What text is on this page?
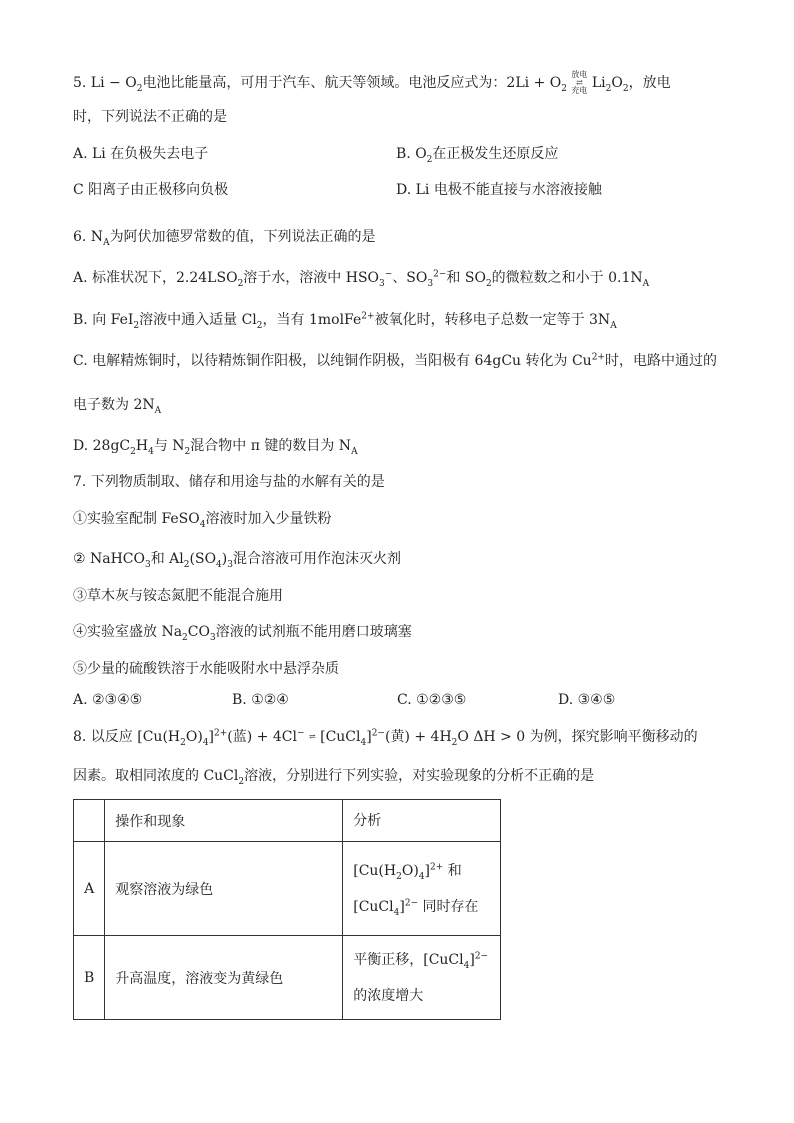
5. $Li - O_2$电池比能量高，可用于汽车、航天等领域。电池反应式为：$2Li + O_2$ 放电
⇄
充电 $Li_2O_2$，放电
时，下列说法不正确的是
A. Li 在负极失去电子	B. $O_2$在正极发生还原反应
C 阳离子由正极移向负极	D. Li 电极不能直接与水溶液接触
6. $N_A$为阿伏加德罗常数的值，下列说法正确的是
A. 标准状况下，$2.24LSO_2$溶于水，溶液中 $HSO_3^-$、$SO_3^{2-}$和 $SO_2$的微粒数之和小于 $0.1N_A$
B. 向 FeI$_2$溶液中通入适量 $Cl_2$，当有 1molFe$^{2+}$被氧化时，转移电子总数一定等于 $3N_A$
C. 电解精炼铜时，以待精炼铜作阳极，以纯铜作阴极，当阳极有 64gCu 转化为 $Cu^{2+}$时，电路中通过的
电子数为 $2N_A$
D. $28gC_2H_4$与 $N_2$混合物中 π 键的数目为 $N_A$
7. 下列物质制取、储存和用途与盐的水解有关的是
①实验室配制 FeSO$_4$溶液时加入少量铁粉
② NaHCO$_3$和 $Al_2(SO_4)_3$混合溶液可用作泡沫灭火剂
③草木灰与铵态氮肥不能混合施用
④实验室盛放 $Na_2CO_3$溶液的试剂瓶不能用磨口玻璃塞
⑤少量的硫酸铁溶于水能吸附水中悬浮杂质
A. ②③④⑤	B. ①②④	C. ①②③⑤	D. ③④⑤
8. 以反应 $[Cu(H_2O)_4]^{2+}$(蓝) + 4Cl− ⇌ [CuCl$_4$]$^{2-}$(黄) + $4H_2O$ ΔH > 0 为例，探究影响平衡移动的
因素。取相同浓度的 CuCl$_2$溶液，分别进行下列实验，对实验现象的分析不正确的是
	操作和现象	分析
A	观察溶液为绿色	$[Cu(H_2O)_4]^{2+}$ 和
[CuCl$_4$]$^{2-}$ 同时存在

B	升高温度，溶液变为黄绿色	平衡正移，[CuCl$_4$]$^{2-}$
的浓度增大
